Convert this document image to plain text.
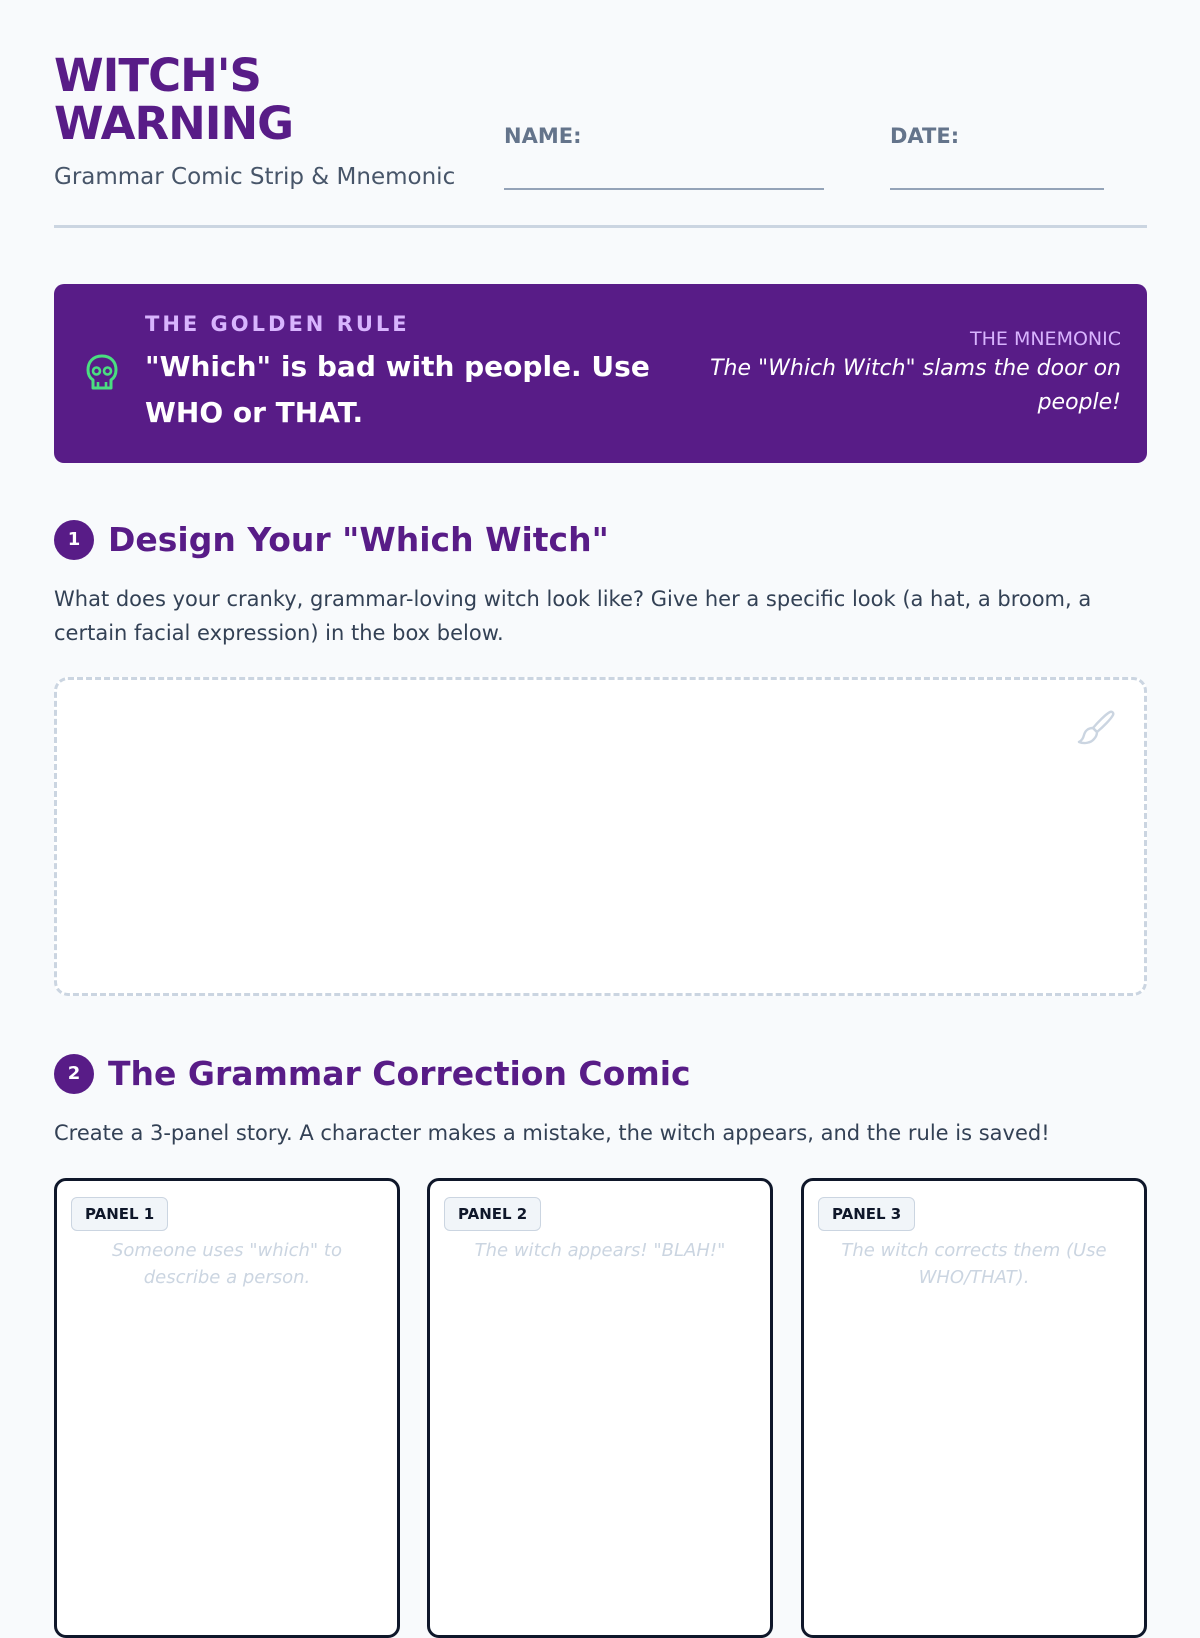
WITCH'S WARNING
Grammar Comic Strip & Mnemonic
NAME:	DATE:
THE GOLDEN RULE
"Which" is bad with people. Use WHO or THAT.
THE MNEMONIC
The "Which Witch" slams the door on people!
1 Design Your "Which Witch"
What does your cranky, grammar-loving witch look like? Give her a specific look (a hat, a broom, a certain facial expression) in the box below.
2 The Grammar Correction Comic
Create a 3-panel story. A character makes a mistake, the witch appears, and the rule is saved!
PANEL 1
Someone uses "which" to describe a person.
PANEL 2
The witch appears! "BLAH!"
PANEL 3
The witch corrects them (Use WHO/THAT).
